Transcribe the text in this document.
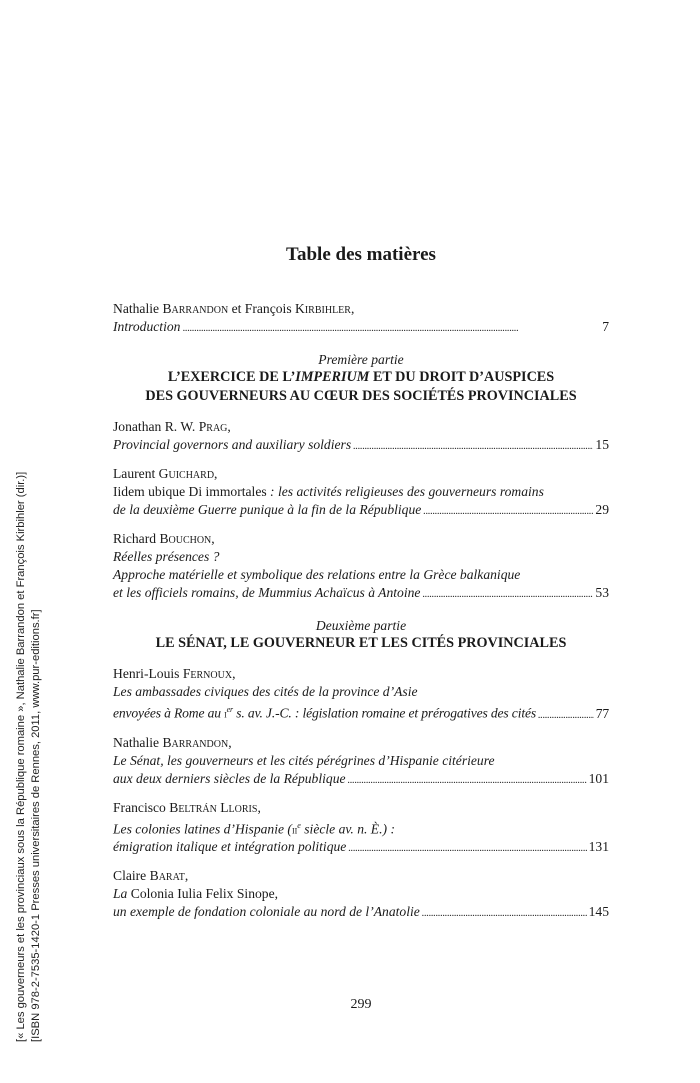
[« Les gouverneurs et les provinciaux sous la République romaine », Nathalie Barrandon et François Kirbihler (dir.)] [ISBN 978-2-7535-1420-1 Presses universitaires de Rennes, 2011, www.pur-editions.fr]
Table des matières
Nathalie Barrandon et François Kirbihler,
Introduction . . .	7
Première partie
L’EXERCICE DE L’IMPERIUM ET DU DROIT D’AUSPICES
DES GOUVERNEURS AU CŒUR DES SOCIÉTÉS PROVINCIALES
Jonathan R. W. Prag,
Provincial governors and auxiliary soldiers . . .	15
Laurent Guichard,
Iidem ubique Di immortales : les activités religieuses des gouverneurs romains
de la deuxième Guerre punique à la fin de la République . . .	29
Richard Bouchon,
Réelles présences ?
Approche matérielle et symbolique des relations entre la Grèce balkanique
et les officiels romains, de Mummius Achaïcus à Antoine . . .	53
Deuxième partie
LE SÉNAT, LE GOUVERNEUR ET LES CITÉS PROVINCIALES
Henri-Louis Fernoux,
Les ambassades civiques des cités de la province d’Asie
envoyées à Rome au $i^{er}$ s. av. J.-C. : législation romaine et prérogatives des cités . . .	77
Nathalie Barrandon,
Le Sénat, les gouverneurs et les cités pérégrines d’Hispanie citérieure
aux deux derniers siècles de la République . . .	101
Francisco Beltrán Lloris,
Les colonies latines d’Hispanie ($ii^e$ siècle av. n. È.) :
émigration italique et intégration politique . . .	131
Claire Barat,
La Colonia Iulia Felix Sinope,
un exemple de fondation coloniale au nord de l’Anatolie . . .	145
299
